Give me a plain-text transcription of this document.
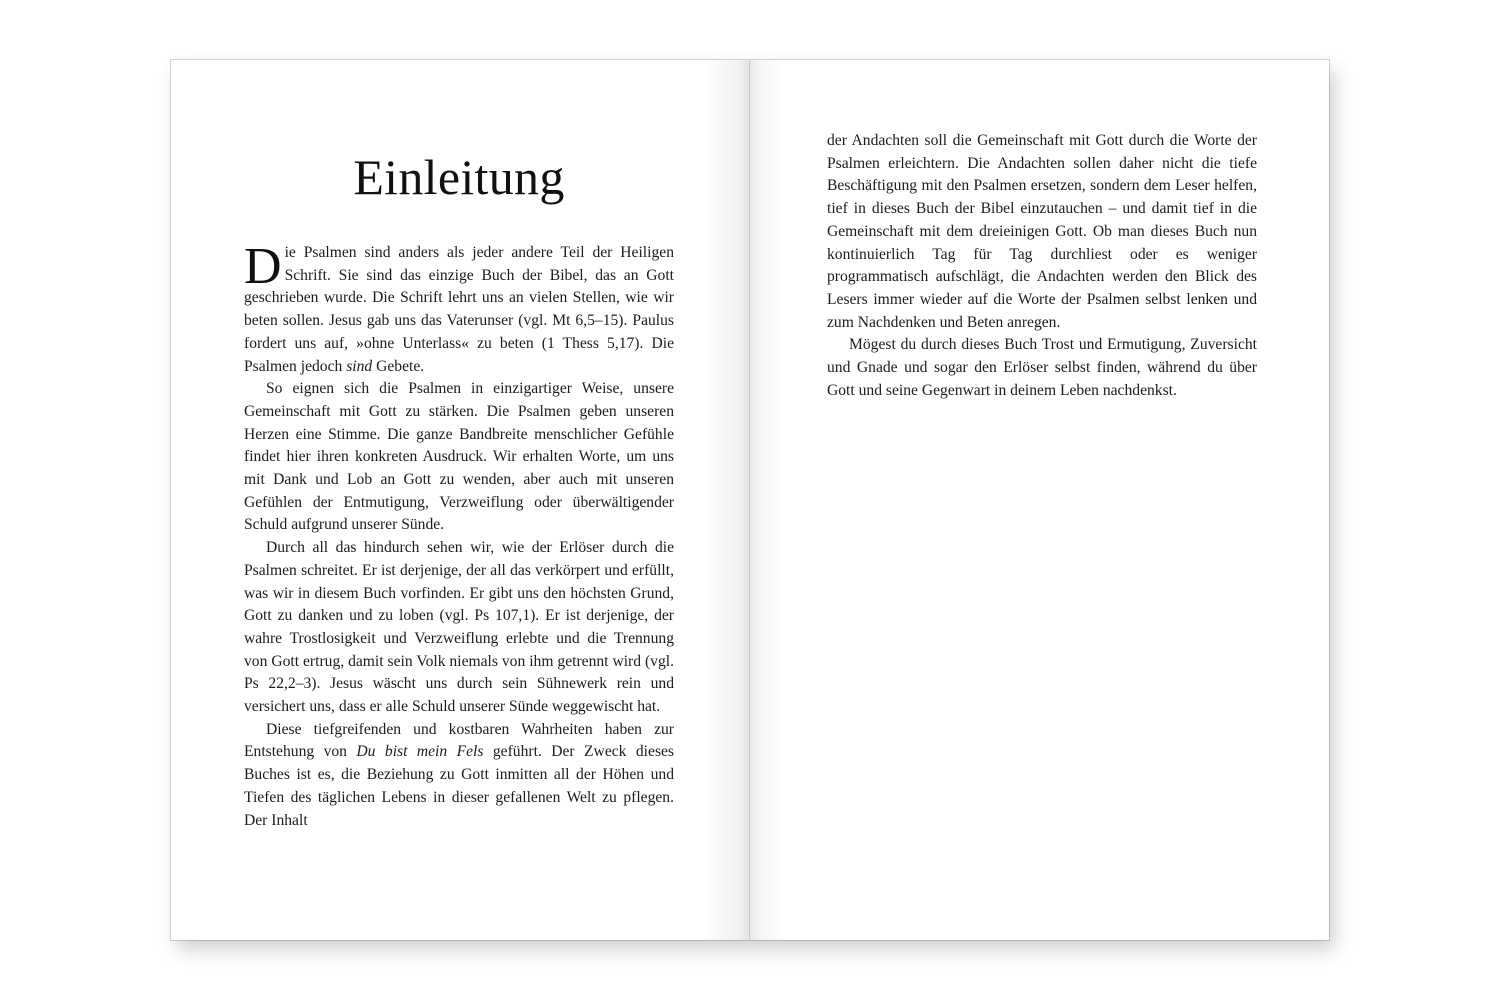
Einleitung

Die Psalmen sind anders als jeder andere Teil der Heiligen Schrift. Sie sind das einzige Buch der Bibel, das an Gott geschrieben wurde. Die Schrift lehrt uns an vielen Stellen, wie wir beten sollen. Jesus gab uns das Vaterunser (vgl. Mt 6,5–15). Paulus fordert uns auf, »ohne Unterlass« zu beten (1 Thess 5,17). Die Psalmen jedoch sind Gebete.

So eignen sich die Psalmen in einzigartiger Weise, unsere Gemeinschaft mit Gott zu stärken. Die Psalmen geben unseren Herzen eine Stimme. Die ganze Bandbreite menschlicher Gefühle findet hier ihren konkreten Ausdruck. Wir erhalten Worte, um uns mit Dank und Lob an Gott zu wenden, aber auch mit unseren Gefühlen der Entmutigung, Verzweiflung oder überwältigender Schuld aufgrund unserer Sünde.

Durch all das hindurch sehen wir, wie der Erlöser durch die Psalmen schreitet. Er ist derjenige, der all das verkörpert und erfüllt, was wir in diesem Buch vorfinden. Er gibt uns den höchsten Grund, Gott zu danken und zu loben (vgl. Ps 107,1). Er ist derjenige, der wahre Trostlosigkeit und Verzweiflung erlebte und die Trennung von Gott ertrug, damit sein Volk niemals von ihm getrennt wird (vgl. Ps 22,2–3). Jesus wäscht uns durch sein Sühnewerk rein und versichert uns, dass er alle Schuld unserer Sünde weggewischt hat.

Diese tiefgreifenden und kostbaren Wahrheiten haben zur Entstehung von Du bist mein Fels geführt. Der Zweck dieses Buches ist es, die Beziehung zu Gott inmitten all der Höhen und Tiefen des täglichen Lebens in dieser gefallenen Welt zu pflegen. Der Inhalt

der Andachten soll die Gemeinschaft mit Gott durch die Worte der Psalmen erleichtern. Die Andachten sollen daher nicht die tiefe Beschäftigung mit den Psalmen ersetzen, sondern dem Leser helfen, tief in dieses Buch der Bibel einzutauchen – und damit tief in die Gemeinschaft mit dem dreieinigen Gott. Ob man dieses Buch nun kontinuierlich Tag für Tag durchliest oder es weniger programmatisch aufschlägt, die Andachten werden den Blick des Lesers immer wieder auf die Worte der Psalmen selbst lenken und zum Nachdenken und Beten anregen.

Mögest du durch dieses Buch Trost und Ermutigung, Zuversicht und Gnade und sogar den Erlöser selbst finden, während du über Gott und seine Gegenwart in deinem Leben nachdenkst.
